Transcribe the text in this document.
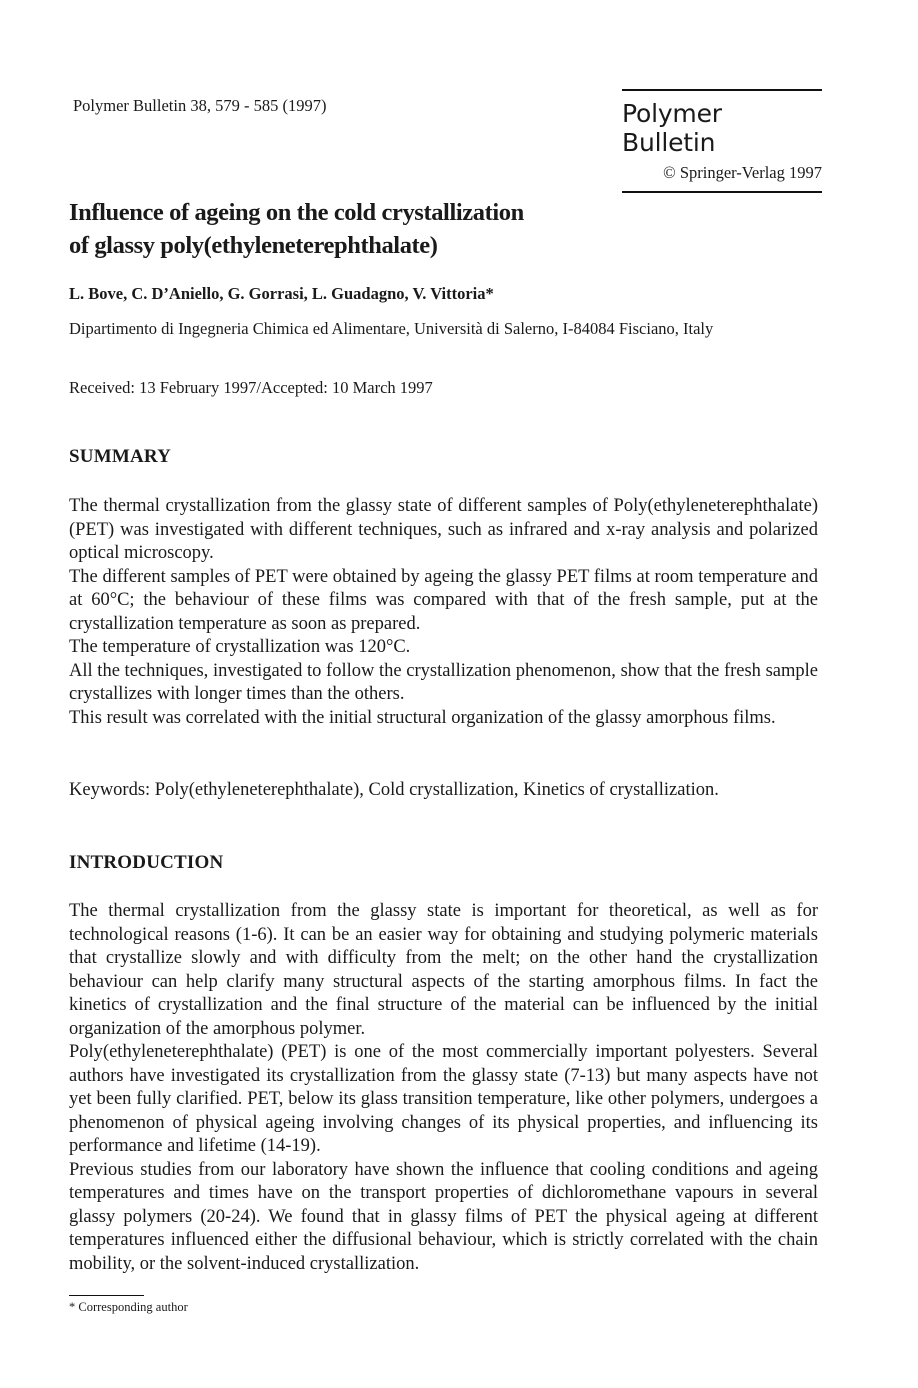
Polymer Bulletin 38, 579 - 585 (1997)	Polymer Bulletin
© Springer-Verlag 1997
Influence of ageing on the cold crystallization
of glassy poly(ethyleneterephthalate)
L. Bove, C. D’Aniello, G. Gorrasi, L. Guadagno, V. Vittoria*
Dipartimento di Ingegneria Chimica ed Alimentare, Università di Salerno, I-84084 Fisciano, Italy
Received: 13 February 1997/Accepted: 10 March 1997
SUMMARY

The thermal crystallization from the glassy state of different samples of Poly(ethyleneterephthalate) (PET) was investigated with different techniques, such as infrared and x-ray analysis and polarized optical microscopy.

The different samples of PET were obtained by ageing the glassy PET films at room temperature and at 60°C; the behaviour of these films was compared with that of the fresh sample, put at the crystallization temperature as soon as prepared.

The temperature of crystallization was 120°C.

All the techniques, investigated to follow the crystallization phenomenon, show that the fresh sample crystallizes with longer times than the others.

This result was correlated with the initial structural organization of the glassy amorphous films.

Keywords: Poly(ethyleneterephthalate), Cold crystallization, Kinetics of crystallization.
INTRODUCTION

The thermal crystallization from the glassy state is important for theoretical, as well as for technological reasons (1-6). It can be an easier way for obtaining and studying polymeric materials that crystallize slowly and with difficulty from the melt; on the other hand the crystallization behaviour can help clarify many structural aspects of the starting amorphous films. In fact the kinetics of crystallization and the final structure of the material can be influenced by the initial organization of the amorphous polymer.

Poly(ethyleneterephthalate) (PET) is one of the most commercially important polyesters. Several authors have investigated its crystallization from the glassy state (7-13) but many aspects have not yet been fully clarified. PET, below its glass transition temperature, like other polymers, undergoes a phenomenon of physical ageing involving changes of its physical properties, and influencing its performance and lifetime (14-19).

Previous studies from our laboratory have shown the influence that cooling conditions and ageing temperatures and times have on the transport properties of dichloromethane vapours in several glassy polymers (20-24). We found that in glassy films of PET the physical ageing at different temperatures influenced either the diffusional behaviour, which is strictly correlated with the chain mobility, or the solvent-induced crystallization.

* Corresponding author
